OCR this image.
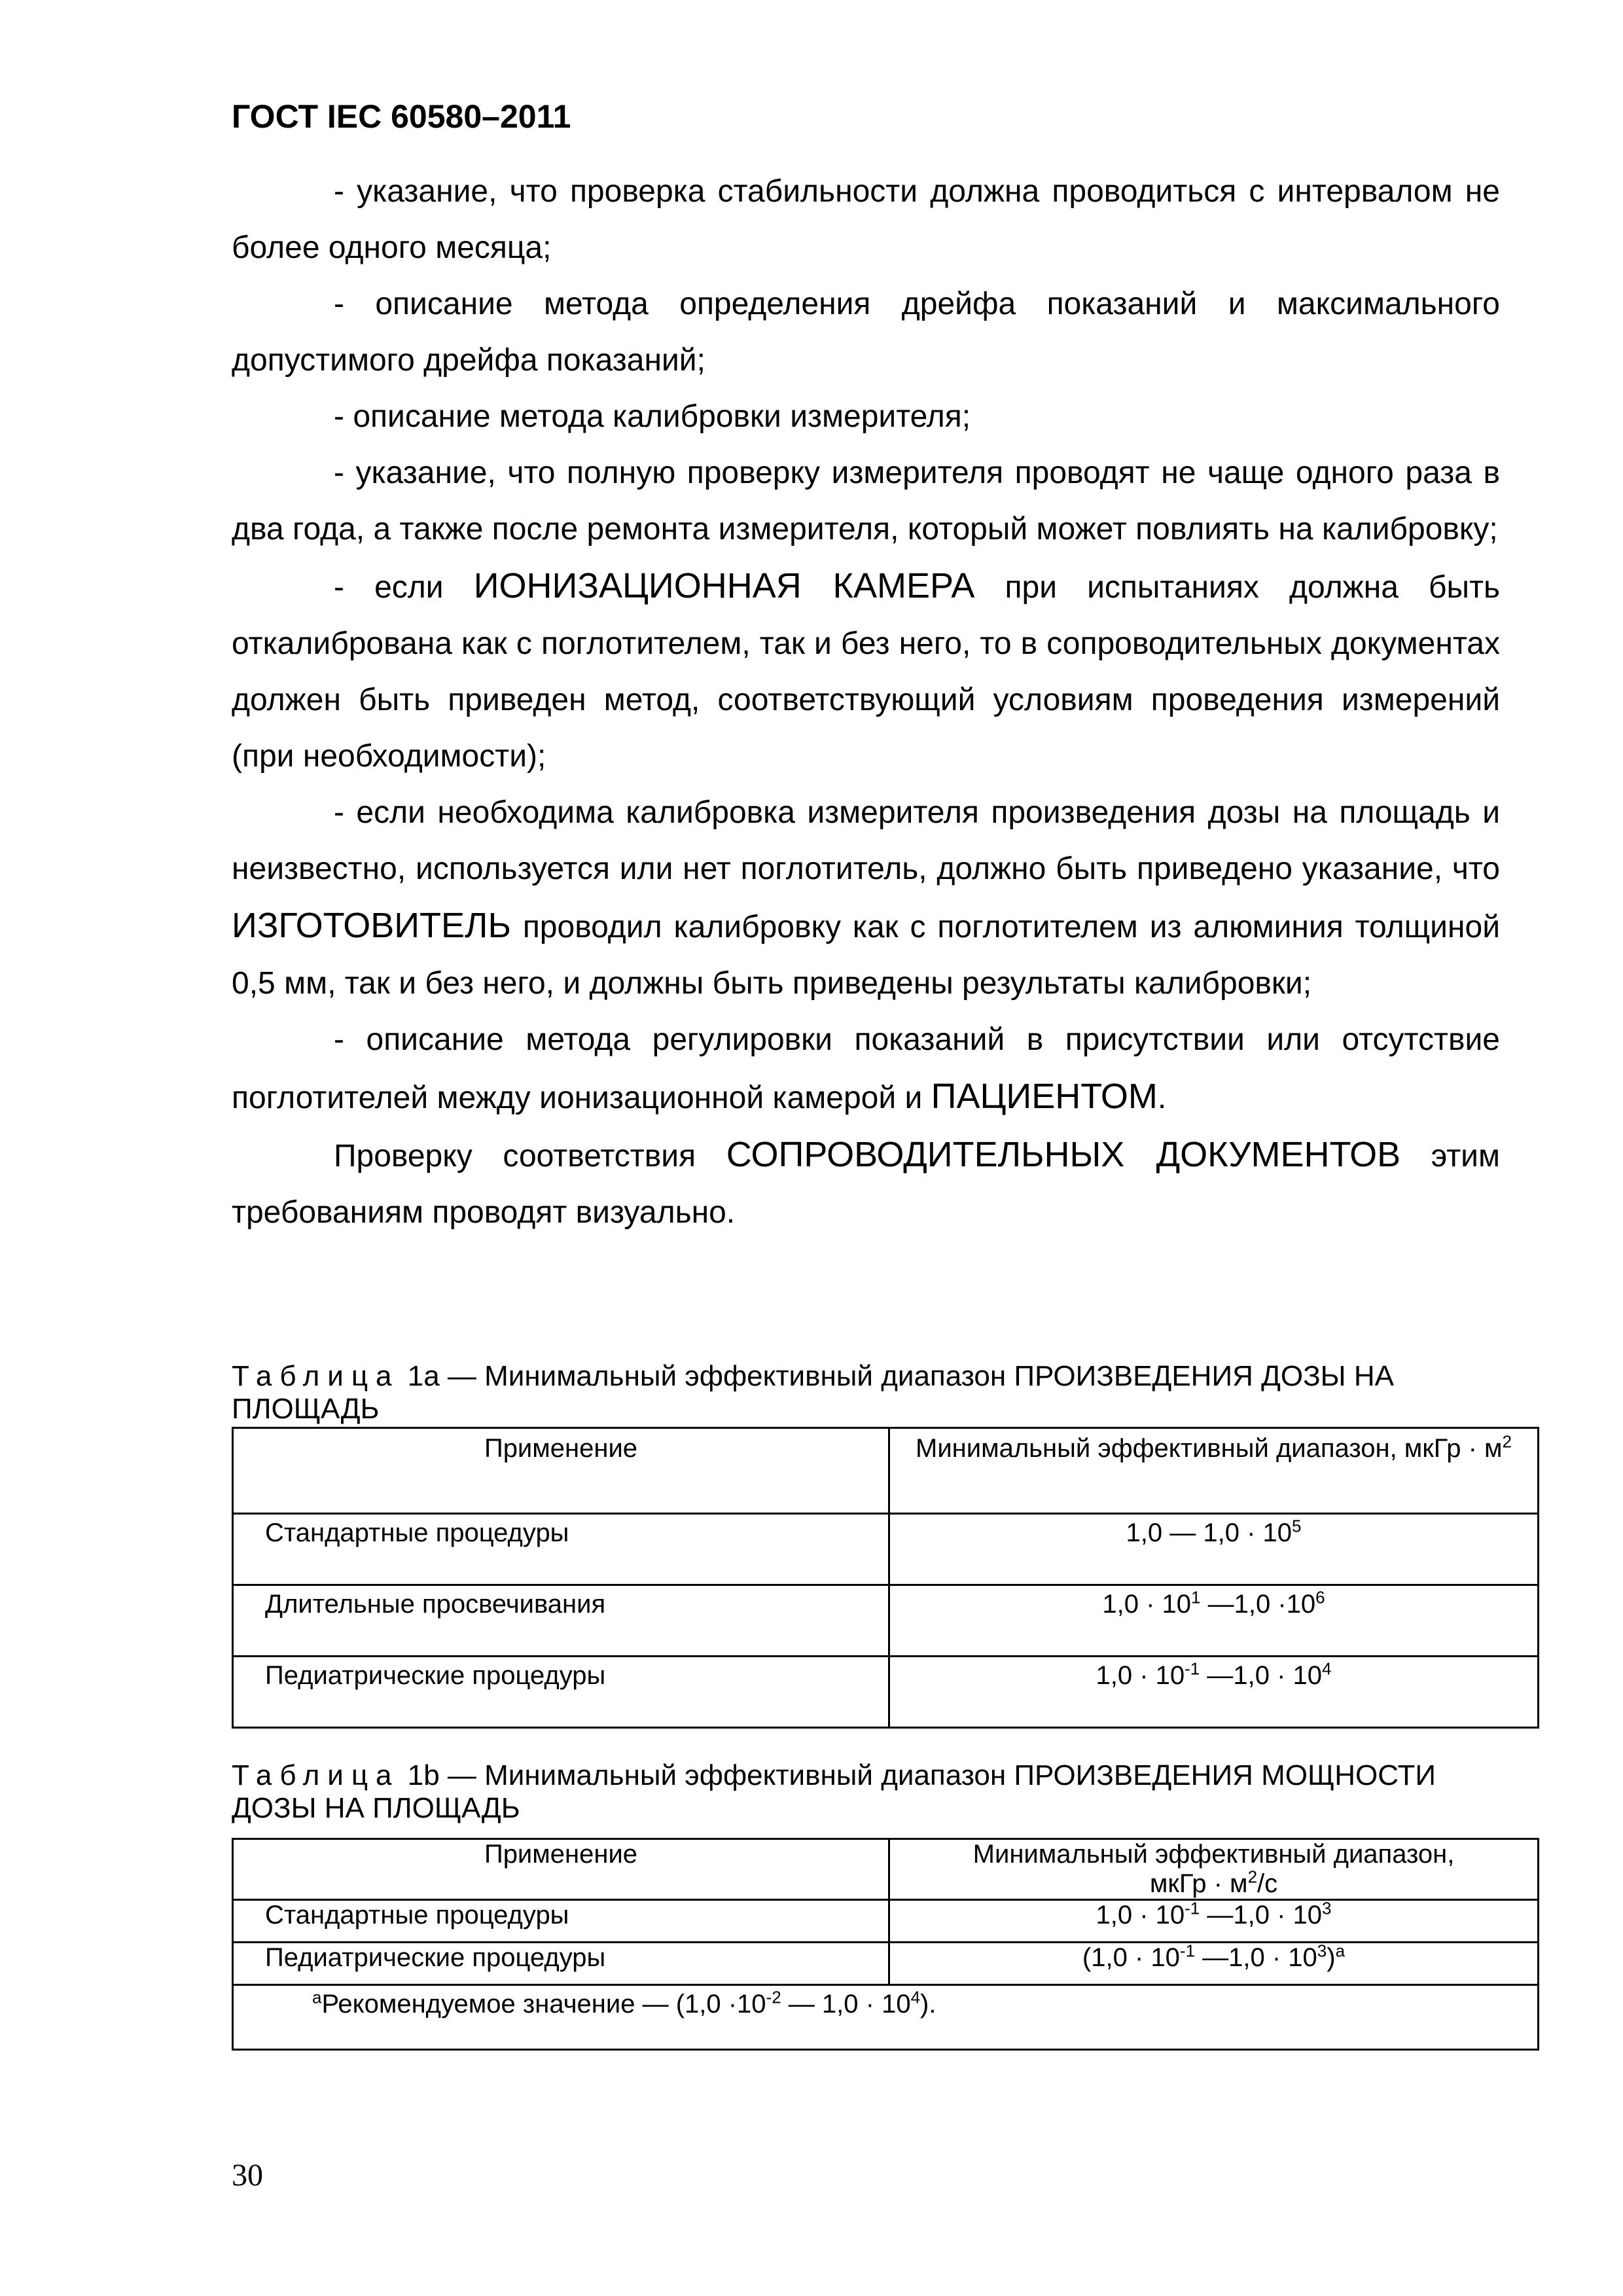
ГОСТ IEC 60580–2011

- указание, что проверка стабильности должна проводиться с интервалом не более одного месяца;

- описание метода определения дрейфа показаний и максимального допустимого дрейфа показаний;

- описание метода калибровки измерителя;

- указание, что полную проверку измерителя проводят не чаще одного раза в два года, а также после ремонта измерителя, который может повлиять на калибровку;

- если ИОНИЗАЦИОННАЯ КАМЕРА при испытаниях должна быть откалибрована как с поглотителем, так и без него, то в сопроводительных документах должен быть приведен метод, соответствующий условиям проведения измерений (при необходимости);

- если необходима калибровка измерителя произведения дозы на площадь и неизвестно, используется или нет поглотитель, должно быть приведено указание, что ИЗГОТОВИТЕЛЬ проводил калибровку как с поглотителем из алюминия толщиной 0,5 мм, так и без него, и должны быть приведены результаты калибровки;

- описание метода регулировки показаний в присутствии или отсутствие поглотителей между ионизационной камерой и ПАЦИЕНТОМ.

Проверку соответствия СОПРОВОДИТЕЛЬНЫХ ДОКУМЕНТОВ этим требованиям проводят визуально.

Таблица 1а — Минимальный эффективный диапазон ПРОИЗВЕДЕНИЯ ДОЗЫ НА ПЛОЩАДЬ
Применение	Минимальный эффективный диапазон, мкГр · $м^2$
Стандартные процедуры	1,0 — $1,0 \cdot 10^5$
Длительные просвечивания	$1,0 \cdot 10^1$ —1,0 $\cdot 10^6$
Педиатрические процедуры	$1,0 \cdot 10^{-1}$ —1,0 · $10^4$
Таблица 1b — Минимальный эффективный диапазон ПРОИЗВЕДЕНИЯ МОЩНОСТИ ДОЗЫ НА ПЛОЩАДЬ
Применение	Минимальный эффективный диапазон,
мкГр · $м^2/с$
Стандартные процедуры	$1,0 \cdot 10^{-1}$ —1,0 · $10^3$
Педиатрические процедуры	($1,0 \cdot 10^{-1}$ —1,0 · $10^3)^а$
$^а$Рекомендуемое значение — ($1,0 \cdot 10^{-2}$ — $1,0 \cdot 10^4$).	
30
